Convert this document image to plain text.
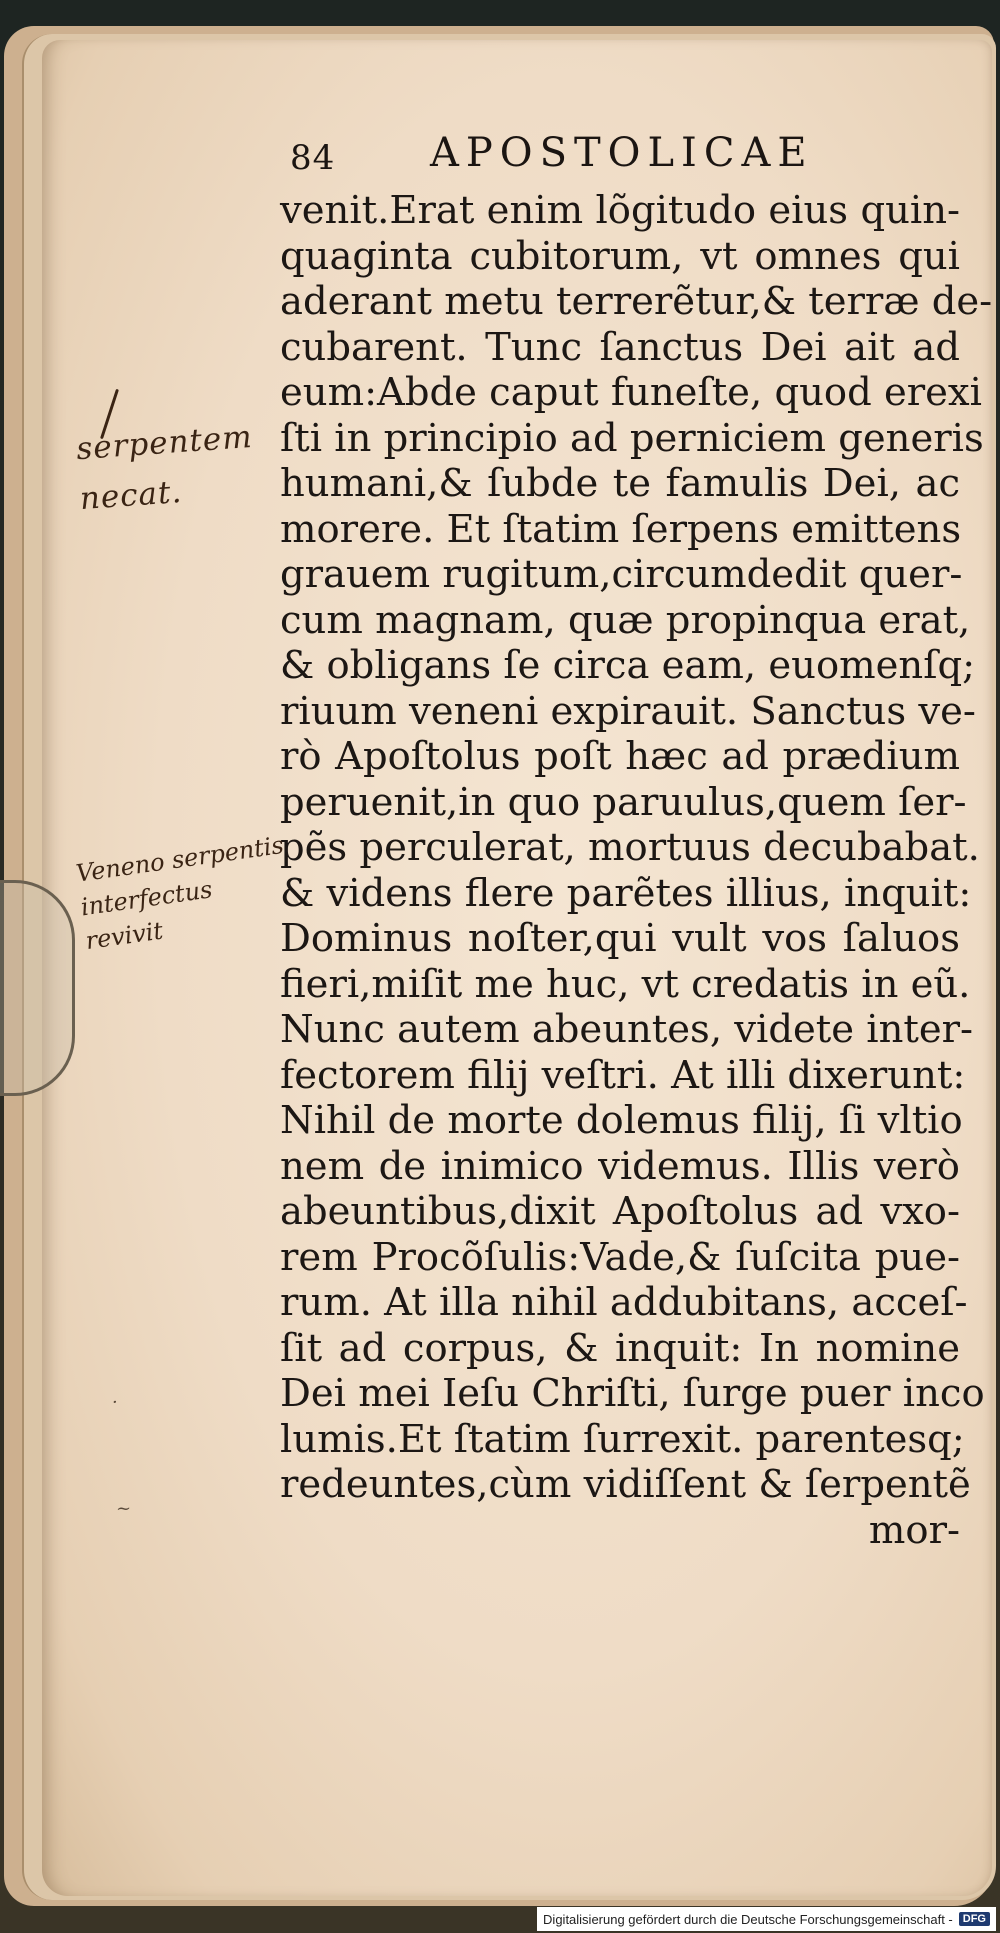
84 APOSTOLICAE
venit.Erat enim lõgitudo eius quin-
quaginta cubitorum, vt omnes qui
aderant metu terrerẽtur,& terræ de-
cubarent. Tunc ſanctus Dei ait ad
eum:Abde caput funeſte, quod erexi
ſti in principio ad perniciem generis
humani,& ſubde te famulis Dei, ac
morere. Et ſtatim ſerpens emittens
grauem rugitum,circumdedit quer-
cum magnam, quæ propinqua erat,
& obligans ſe circa eam, euomenſq;
riuum veneni expirauit. Sanctus ve-
rò Apoſtolus poſt hæc ad prædium
peruenit,in quo paruulus,quem ſer-
pẽs perculerat, mortuus decubabat.
& videns flere parẽtes illius, inquit:
Dominus noſter,qui vult vos ſaluos
fieri,miſit me huc, vt credatis in eũ.
Nunc autem abeuntes, videte inter-
fectorem filij veſtri. At illi dixerunt:
Nihil de morte dolemus filij, ſi vltio
nem de inimico videmus. Illis verò
abeuntibus,dixit Apoſtolus ad vxo-
rem Procõſulis:Vade,& ſuſcita pue-
rum. At illa nihil addubitans, acceſ-
ſit ad corpus, & inquit: In nomine
Dei mei Ieſu Chriſti, ſurge puer inco
lumis.Et ſtatim ſurrexit. parentesq;
redeuntes,cùm vidiſſent & ſerpentẽ
mor-
serpentem
necat.
Veneno serpentis
interfectus
revivit
·
~
Digitalisierung gefördert durch die Deutsche Forschungsgemeinschaft - DFG
